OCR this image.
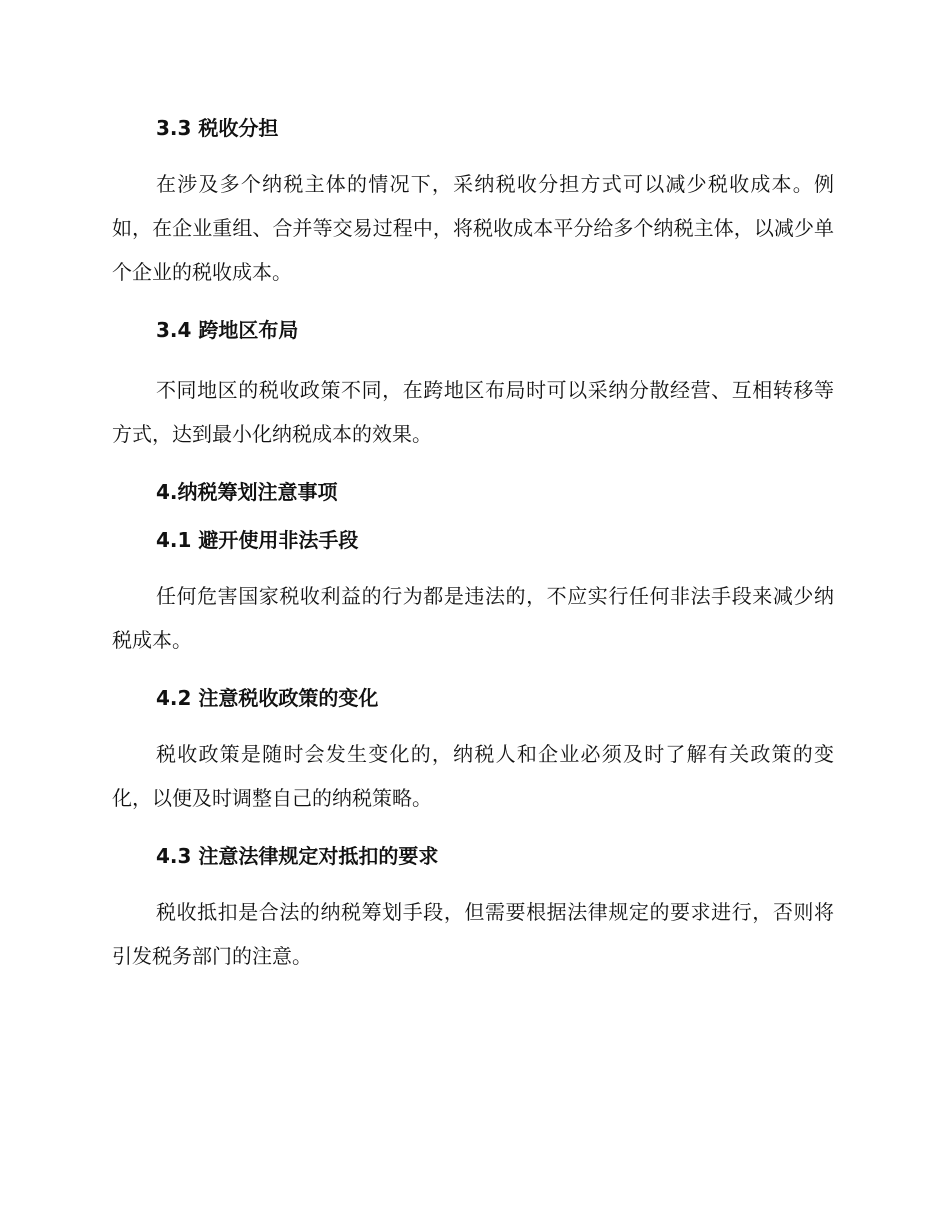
3.3 税收分担

在涉及多个纳税主体的情况下，采纳税收分担方式可以减少税收成本。例如，在企业重组、合并等交易过程中，将税收成本平分给多个纳税主体，以减少单个企业的税收成本。

3.4 跨地区布局

不同地区的税收政策不同，在跨地区布局时可以采纳分散经营、互相转移等方式，达到最小化纳税成本的效果。

4.纳税筹划注意事项
4.1 避开使用非法手段

任何危害国家税收利益的行为都是违法的，不应实行任何非法手段来减少纳税成本。

4.2 注意税收政策的变化

税收政策是随时会发生变化的，纳税人和企业必须及时了解有关政策的变化，以便及时调整自己的纳税策略。

4.3 注意法律规定对抵扣的要求

税收抵扣是合法的纳税筹划手段，但需要根据法律规定的要求进行，否则将引发税务部门的注意。
